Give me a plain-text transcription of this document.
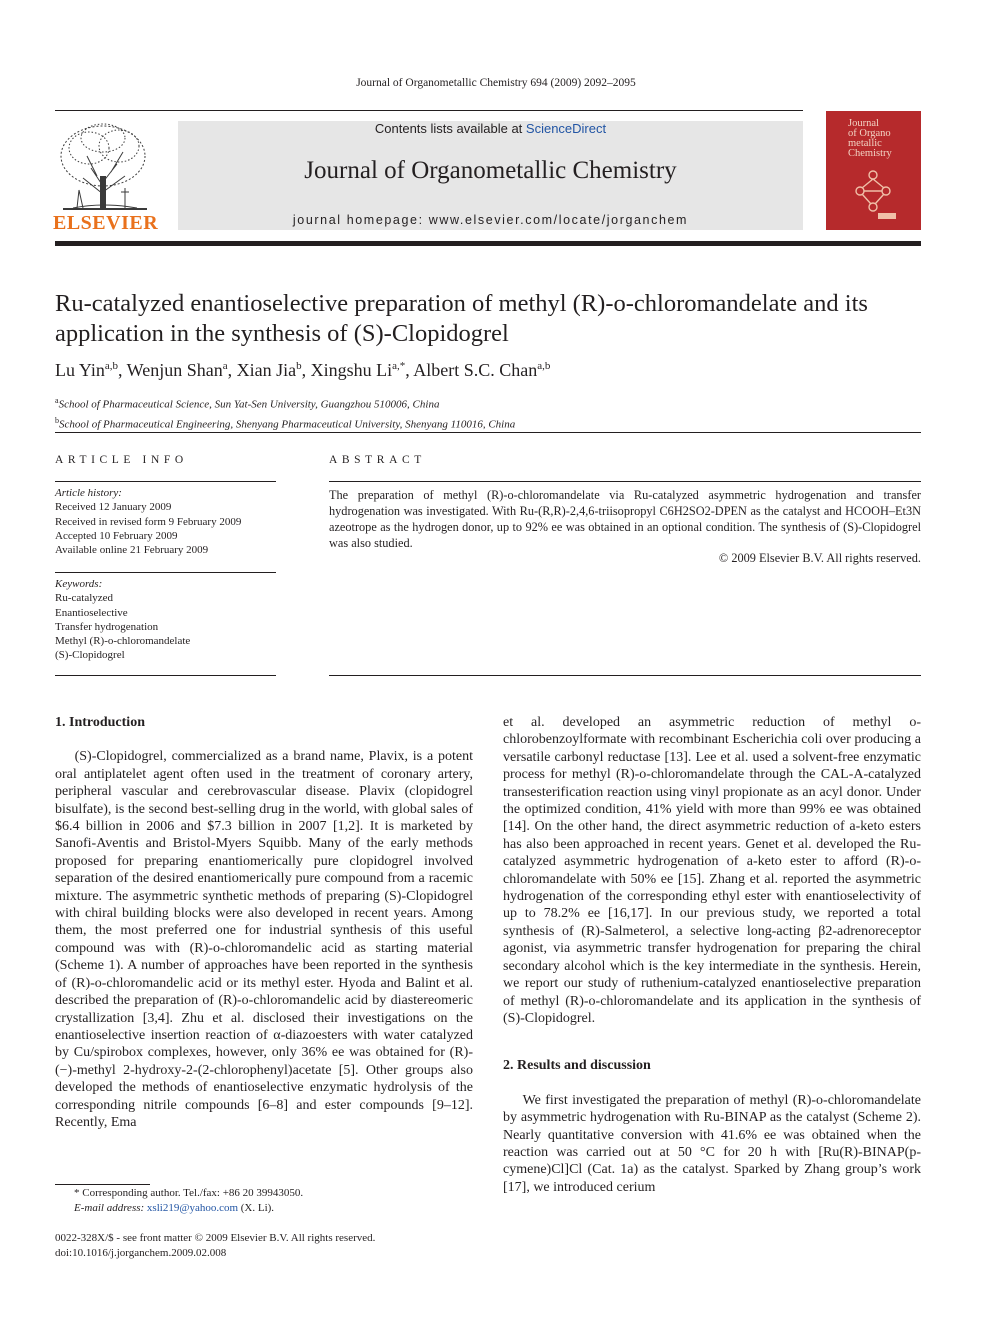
Journal of Organometallic Chemistry 694 (2009) 2092–2095
ELSEVIER
Contents lists available at ScienceDirect
Journal of Organometallic Chemistry
journal homepage: www.elsevier.com/locate/jorganchem
Journal
of Organo
metallic
Chemistry
Ru-catalyzed enantioselective preparation of methyl (R)-o-chloromandelate and its application in the synthesis of (S)-Clopidogrel
Lu Yin$^{a,b}$, Wenjun Shan$^a$, Xian Jia$^b$, Xingshu $Li^{a,*}$, Albert S.C. Chan$^{a,b}$
$^a$School of Pharmaceutical Science, Sun Yat-Sen University, Guangzhou 510006, China
$^b$School of Pharmaceutical Engineering, Shenyang Pharmaceutical University, Shenyang 110016, China
ARTICLE INFO
Article history:
Received 12 January 2009
Received in revised form 9 February 2009
Accepted 10 February 2009
Available online 21 February 2009
Keywords:
Ru-catalyzed
Enantioselective
Transfer hydrogenation
Methyl (R)-o-chloromandelate
(S)-Clopidogrel
ABSTRACT
The preparation of methyl (R)-o-chloromandelate via Ru-catalyzed asymmetric hydrogenation and transfer hydrogenation was investigated. With Ru-(R,R)-2,4,6-triisopropyl C6H2SO2-DPEN as the catalyst and HCOOH–Et3N azeotrope as the hydrogen donor, up to 92% ee was obtained in an optional condition. The synthesis of (S)-Clopidogrel was also studied.
© 2009 Elsevier B.V. All rights reserved.
1. Introduction

(S)-Clopidogrel, commercialized as a brand name, Plavix, is a potent oral antiplatelet agent often used in the treatment of coronary artery, peripheral vascular and cerebrovascular disease. Plavix (clopidogrel bisulfate), is the second best-selling drug in the world, with global sales of $6.4 billion in 2006 and $7.3 billion in 2007 [1,2]. It is marketed by Sanofi-Aventis and Bristol-Myers Squibb. Many of the early methods proposed for preparing enantiomerically pure clopidogrel involved separation of the desired enantiomerically pure compound from a racemic mixture. The asymmetric synthetic methods of preparing (S)-Clopidogrel with chiral building blocks were also developed in recent years. Among them, the most preferred one for industrial synthesis of this useful compound was with (R)-o-chloromandelic acid as starting material (Scheme 1). A number of approaches have been reported in the synthesis of (R)-o-chloromandelic acid or its methyl ester. Hyoda and Balint et al. described the preparation of (R)-o-chloromandelic acid by diastereomeric crystallization [3,4]. Zhu et al. disclosed their investigations on the enantioselective insertion reaction of α-diazoesters with water catalyzed by Cu/spirobox complexes, however, only 36% ee was obtained for (R)-(−)-methyl 2-hydroxy-2-(2-chlorophenyl)acetate [5]. Other groups also developed the methods of enantioselective enzymatic hydrolysis of the corresponding nitrile compounds [6–8] and ester compounds [9–12]. Recently, Ema

et al. developed an asymmetric reduction of methyl o-chlorobenzoylformate with recombinant Escherichia coli over producing a versatile carbonyl reductase [13]. Lee et al. used a solvent-free enzymatic process for methyl (R)-o-chloromandelate through the CAL-A-catalyzed transesterification reaction using vinyl propionate as an acyl donor. Under the optimized condition, 41% yield with more than 99% ee was obtained [14]. On the other hand, the direct asymmetric reduction of a-keto esters has also been approached in recent years. Genet et al. developed the Ru-catalyzed asymmetric hydrogenation of a-keto ester to afford (R)-o-chloromandelate with 50% ee [15]. Zhang et al. reported the asymmetric hydrogenation of the corresponding ethyl ester with enantioselectivity of up to 78.2% ee [16,17]. In our previous study, we reported a total synthesis of (R)-Salmeterol, a selective long-acting β2-adrenoreceptor agonist, via asymmetric transfer hydrogenation for preparing the chiral secondary alcohol which is the key intermediate in the synthesis. Herein, we report our study of ruthenium-catalyzed enantioselective preparation of methyl (R)-o-chloromandelate and its application in the synthesis of (S)-Clopidogrel.

2. Results and discussion

We first investigated the preparation of methyl (R)-o-chloromandelate by asymmetric hydrogenation with Ru-BINAP as the catalyst (Scheme 2). Nearly quantitative conversion with 41.6% ee was obtained when the reaction was carried out at 50 °C for 20 h with [Ru(R)-BINAP(p-cymene)Cl]Cl (Cat. 1a) as the catalyst. Sparked by Zhang group’s work [17], we introduced cerium

* Corresponding author. Tel./fax: +86 20 39943050.
E-mail address: xsli219@yahoo.com (X. Li).
0022-328X/$ - see front matter © 2009 Elsevier B.V. All rights reserved.
doi:10.1016/j.jorganchem.2009.02.008
